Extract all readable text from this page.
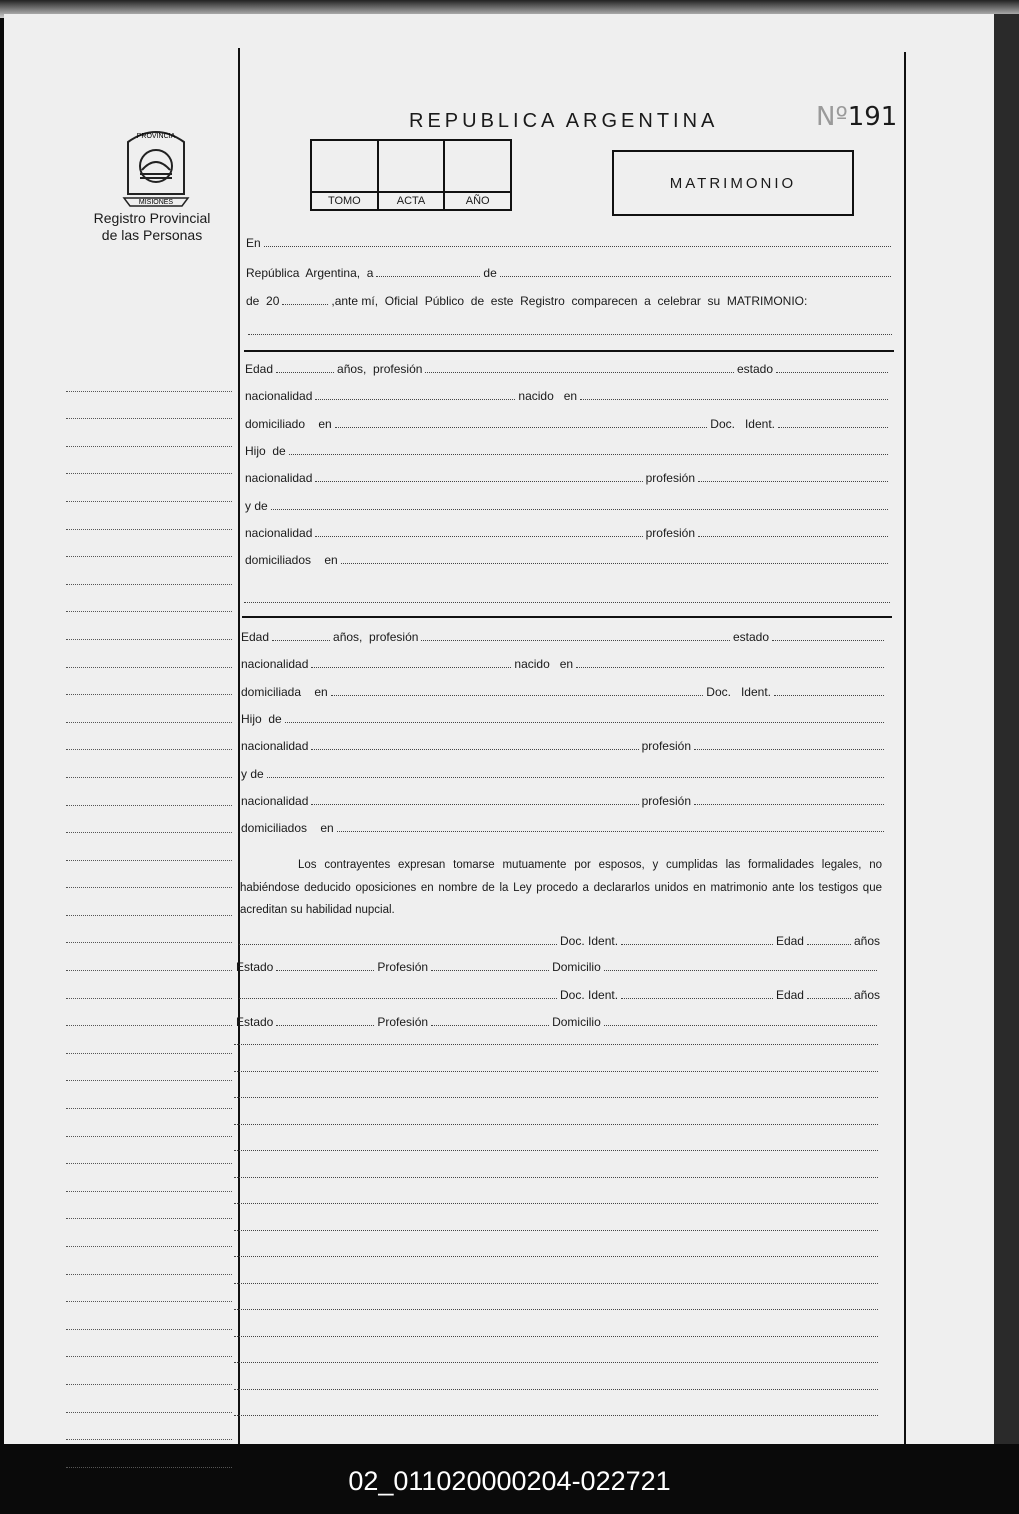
PROVINCIA
MISIONES
Registro Provincial
de las Personas
REPUBLICA ARGENTINA	Nº191
TOMO	ACTA	AÑO
MATRIMONIO
En
República  Argentina,  a	de
de  20	,ante mí,  Oficial  Público  de  este  Registro  comparecen  a  celebrar  su  MATRIMONIO:
Edad	años,  profesión	estado
nacionalidad	nacido   en
domiciliado    en	Doc.   Ident.
Hijo  de
nacionalidad	profesión
y de
nacionalidad	profesión
domiciliados    en
Edad	años,  profesión	estado
nacionalidad	nacido   en
domiciliada    en	Doc.   Ident.
Hijo  de
nacionalidad	profesión
y de
nacionalidad	profesión
domiciliados    en
Los contrayentes expresan tomarse mutuamente por esposos, y cumplidas las formalidades legales, no habiéndose deducido oposiciones en nombre de la Ley procedo a declararlos unidos en matrimonio ante los testigos que acreditan su habilidad nupcial.
Doc. Ident.	Edad	años
Estado	Profesión	Domicilio
Doc. Ident.	Edad	años
Estado	Profesión	Domicilio
02_011020000204-022721
